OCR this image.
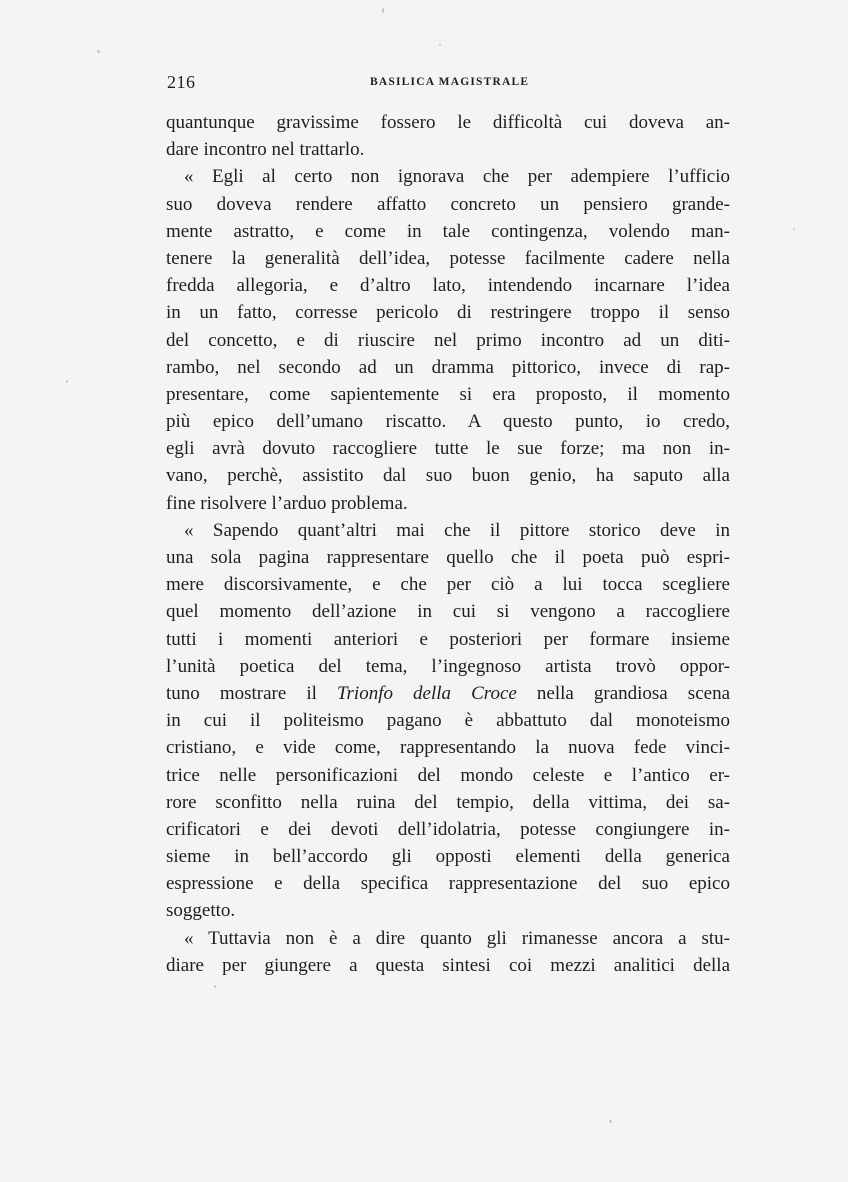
216	BASILICA MAGISTRALE
quantunque gravissime fossero le difficoltà cui doveva an-
dare incontro nel trattarlo.
« Egli al certo non ignorava che per adempiere l’ufficio
suo doveva rendere affatto concreto un pensiero grande-
mente astratto, e come in tale contingenza, volendo man-
tenere la generalità dell’idea, potesse facilmente cadere nella
fredda allegoria, e d’altro lato, intendendo incarnare l’idea
in un fatto, corresse pericolo di restringere troppo il senso
del concetto, e di riuscire nel primo incontro ad un diti-
rambo, nel secondo ad un dramma pittorico, invece di rap-
presentare, come sapientemente si era proposto, il momento
più epico dell’umano riscatto. A questo punto, io credo,
egli avrà dovuto raccogliere tutte le sue forze; ma non in-
vano, perchè, assistito dal suo buon genio, ha saputo alla
fine risolvere l’arduo problema.
« Sapendo quant’altri mai che il pittore storico deve in
una sola pagina rappresentare quello che il poeta può espri-
mere discorsivamente, e che per ciò a lui tocca scegliere
quel momento dell’azione in cui si vengono a raccogliere
tutti i momenti anteriori e posteriori per formare insieme
l’unità poetica del tema, l’ingegnoso artista trovò oppor-
tuno mostrare il Trionfo della Croce nella grandiosa scena
in cui il politeismo pagano è abbattuto dal monoteismo
cristiano, e vide come, rappresentando la nuova fede vinci-
trice nelle personificazioni del mondo celeste e l’antico er-
rore sconfitto nella ruina del tempio, della vittima, dei sa-
crificatori e dei devoti dell’idolatria, potesse congiungere in-
sieme in bell’accordo gli opposti elementi della generica
espressione e della specifica rappresentazione del suo epico
soggetto.
« Tuttavia non è a dire quanto gli rimanesse ancora a stu-
diare per giungere a questa sintesi coi mezzi analitici della
